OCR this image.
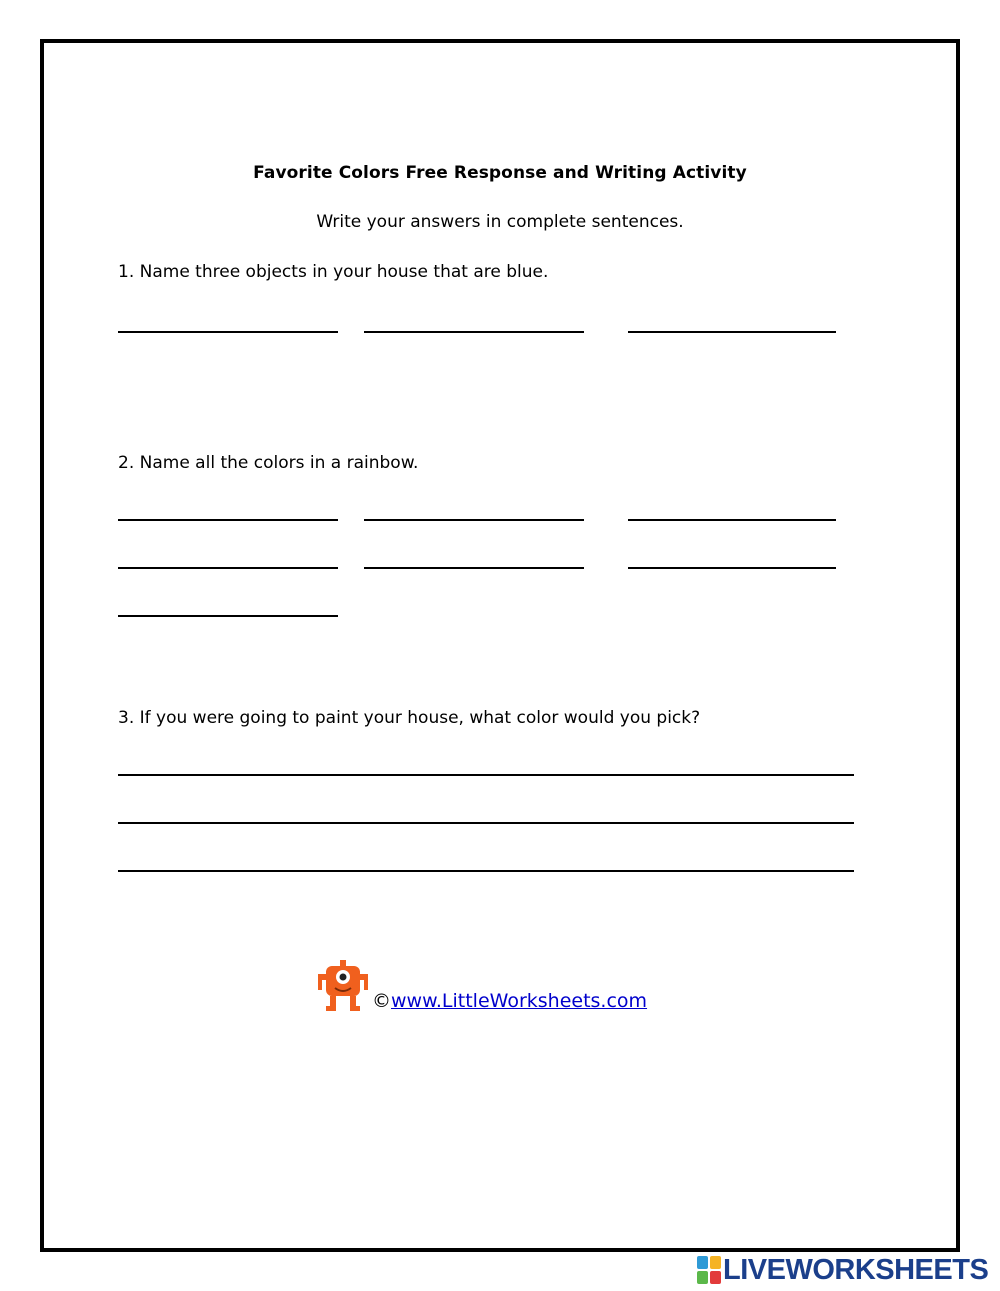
Favorite Colors Free Response and Writing Activity
Write your answers in complete sentences.
1. Name three objects in your house that are blue.
2. Name all the colors in a rainbow.
3. If you were going to paint your house, what color would you pick?
©www.LittleWorksheets.com
LIVEWORKSHEETS
